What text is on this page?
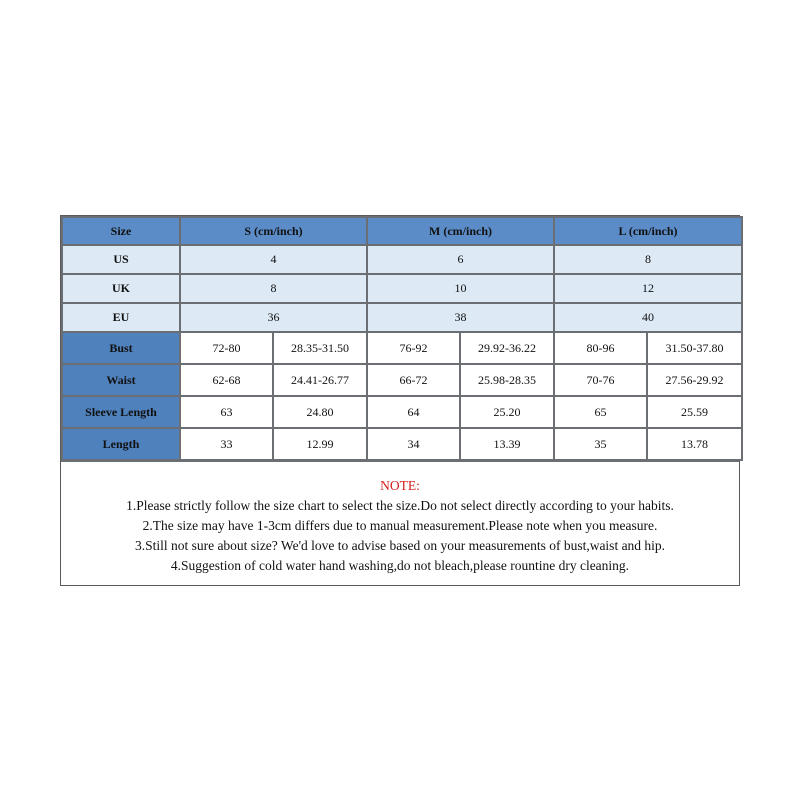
Size	S (cm/inch)		M (cm/inch)		L (cm/inch)	
US	4		6		8	
UK	8		10		12	
EU	36		38		40	
Bust	72-80	28.35-31.50	76-92	29.92-36.22	80-96	31.50-37.80
Waist	62-68	24.41-26.77	66-72	25.98-28.35	70-76	27.56-29.92
Sleeve Length	63	24.80	64	25.20	65	25.59
Length	33	12.99	34	13.39	35	13.78
NOTE:
1.Please strictly follow the size chart to select the size.Do not select directly according to your habits.
2.The size may have 1-3cm differs due to manual measurement.Please note when you measure.
3.Still not sure about size? We'd love to advise based on your measurements of bust,waist and hip.
4.Suggestion of cold water hand washing,do not bleach,please rountine dry cleaning.
